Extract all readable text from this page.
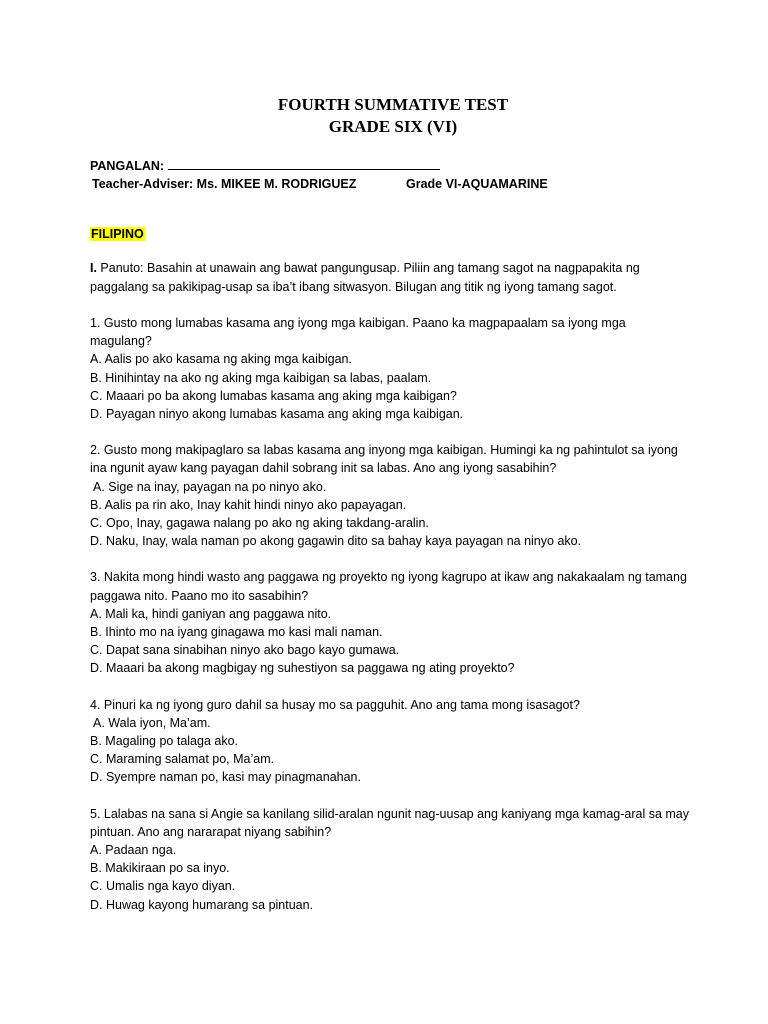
FOURTH SUMMATIVE TEST
GRADE SIX (VI)
PANGALAN:
Teacher-Adviser: Ms. MIKEE M. RODRIGUEZ	Grade VI-AQUAMARINE
FILIPINO
I. Panuto: Basahin at unawain ang bawat pangungusap. Piliin ang tamang sagot na nagpapakita ng paggalang sa pakikipag-usap sa iba’t ibang sitwasyon. Bilugan ang titik ng iyong tamang sagot.
1. Gusto mong lumabas kasama ang iyong mga kaibigan. Paano ka magpapaalam sa iyong mga magulang?
A. Aalis po ako kasama ng aking mga kaibigan.
B. Hinihintay na ako ng aking mga kaibigan sa labas, paalam.
C. Maaari po ba akong lumabas kasama ang aking mga kaibigan?
D. Payagan ninyo akong lumabas kasama ang aking mga kaibigan.
2. Gusto mong makipaglaro sa labas kasama ang inyong mga kaibigan. Humingi ka ng pahintulot sa iyong ina ngunit ayaw kang payagan dahil sobrang init sa labas. Ano ang iyong sasabihin?
A. Sige na inay, payagan na po ninyo ako.
B. Aalis pa rin ako, Inay kahit hindi ninyo ako papayagan.
C. Opo, Inay, gagawa nalang po ako ng aking takdang-aralin.
D. Naku, Inay, wala naman po akong gagawin dito sa bahay kaya payagan na ninyo ako.
3. Nakita mong hindi wasto ang paggawa ng proyekto ng iyong kagrupo at ikaw ang nakakaalam ng tamang paggawa nito. Paano mo ito sasabihin?
A. Mali ka, hindi ganiyan ang paggawa nito.
B. Ihinto mo na iyang ginagawa mo kasi mali naman.
C. Dapat sana sinabihan ninyo ako bago kayo gumawa.
D. Maaari ba akong magbigay ng suhestiyon sa paggawa ng ating proyekto?
4. Pinuri ka ng iyong guro dahil sa husay mo sa pagguhit. Ano ang tama mong isasagot?
A. Wala iyon, Ma’am.
B. Magaling po talaga ako.
C. Maraming salamat po, Ma’am.
D. Syempre naman po, kasi may pinagmanahan.
5. Lalabas na sana si Angie sa kanilang silid-aralan ngunit nag-uusap ang kaniyang mga kamag-aral sa may pintuan. Ano ang nararapat niyang sabihin?
A. Padaan nga.
B. Makikiraan po sa inyo.
C. Umalis nga kayo diyan.
D. Huwag kayong humarang sa pintuan.
